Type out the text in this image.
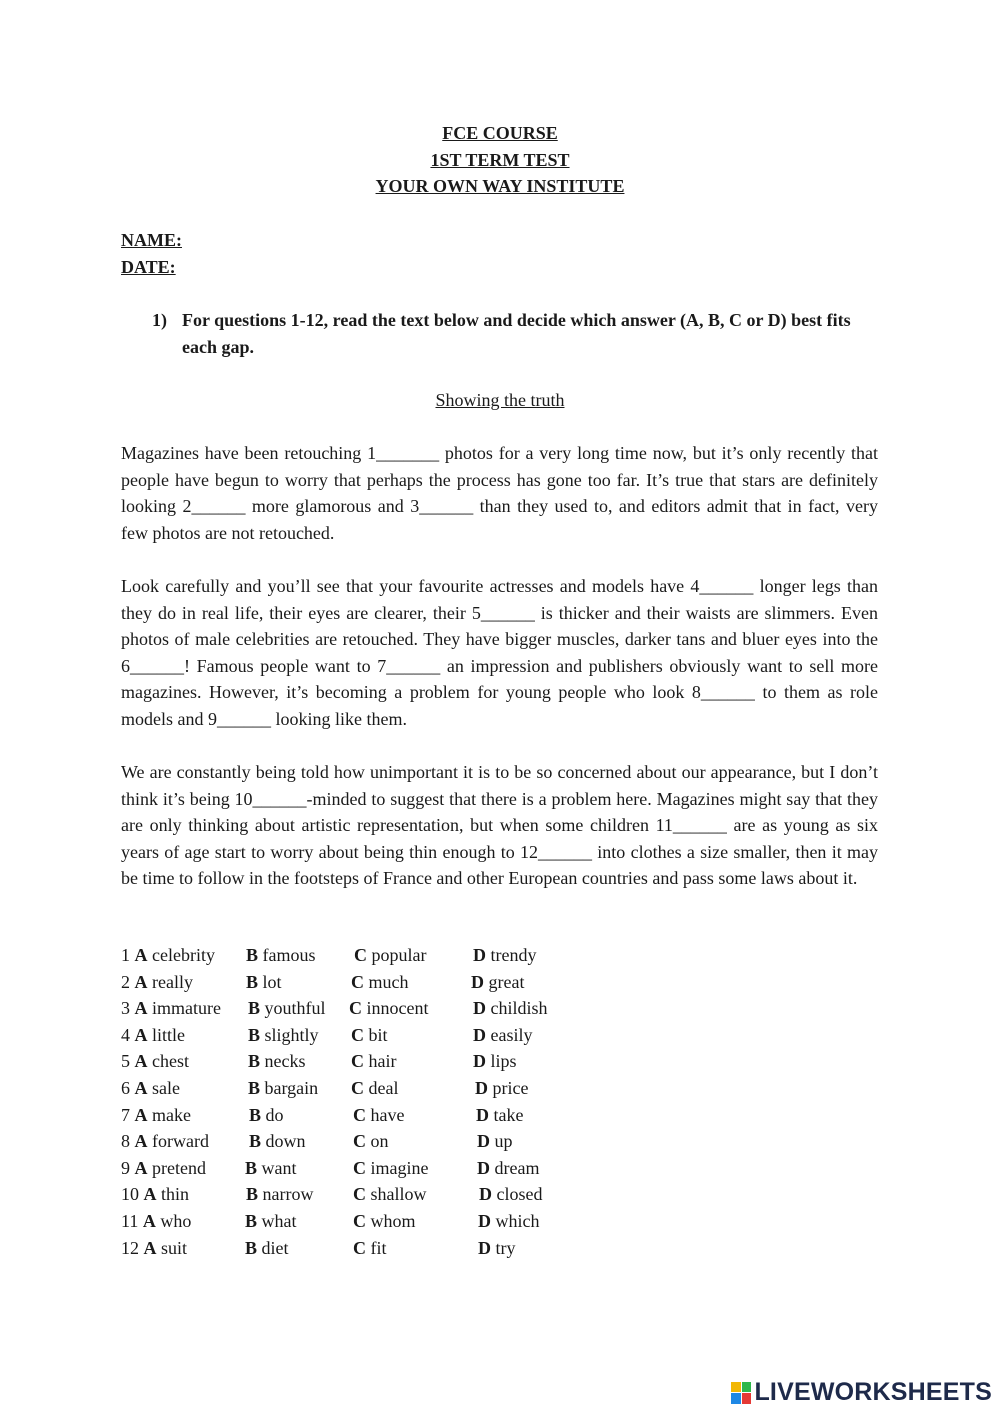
FCE COURSE
1ST TERM TEST
YOUR OWN WAY INSTITUTE
NAME:
DATE:
1) For questions 1-12, read the text below and decide which answer (A, B, C or D) best fits each gap.
Showing the truth

Magazines have been retouching 1_______ photos for a very long time now, but it’s only recently that people have begun to worry that perhaps the process has gone too far. It’s true that stars are definitely looking 2______ more glamorous and 3______ than they used to, and editors admit that in fact, very few photos are not retouched.

Look carefully and you’ll see that your favourite actresses and models have 4______ longer legs than they do in real life, their eyes are clearer, their 5______ is thicker and their waists are slimmers. Even photos of male celebrities are retouched. They have bigger muscles, darker tans and bluer eyes into the 6______! Famous people want to 7______ an impression and publishers obviously want to sell more magazines. However, it’s becoming a problem for young people who look 8______ to them as role models and 9______ looking like them.

We are constantly being told how unimportant it is to be so concerned about our appearance, but I don’t think it’s being 10______-minded to suggest that there is a problem here. Magazines might say that they are only thinking about artistic representation, but when some children 11______ are as young as six years of age start to worry about being thin enough to 12______ into clothes a size smaller, then it may be time to follow in the footsteps of France and other European countries and pass some laws about it.

1 A celebrity B famous C popular	D trendy
2 A really	B lot	C much	D great
3 A immature B youthful C innocent D childish
4 A little	B slightly C bit	D easily
5 A chest	B necks	C hair	D lips
6 A sale	B bargain C deal	D price
7 A make	B do	C have	D take
8 A forward B down	C on	D up
9 A pretend B want	C imagine	D dream
10 A thin	B narrow C shallow	D closed
11 A who	B what	C whom	D which
12 A suit	B diet	C fit	D try
LIVEWORKSHEETS
